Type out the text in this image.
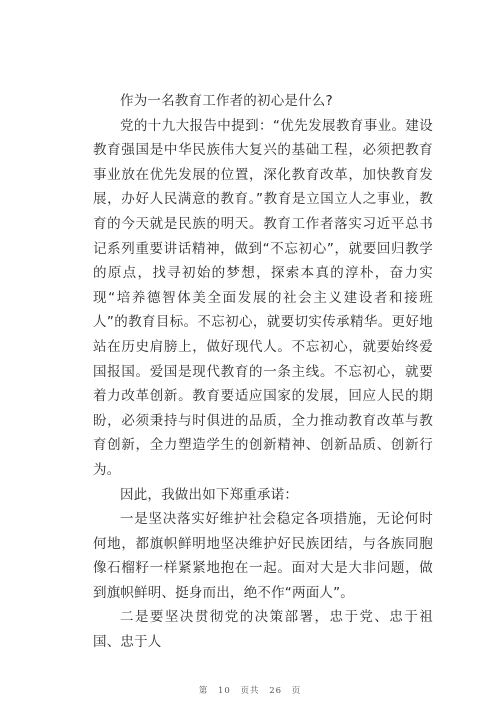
作为一名教育工作者的初心是什么?

党的十九大报告中提到：“优先发展教育事业。建设教育强国是中华民族伟大复兴的基础工程，必须把教育事业放在优先发展的位置，深化教育改革，加快教育发展，办好人民满意的教育。”教育是立国立人之事业，教育的今天就是民族的明天。教育工作者落实习近平总书记系列重要讲话精神，做到“不忘初心”，就要回归教学的原点，找寻初始的梦想，探索本真的淳朴，奋力实现“培养德智体美全面发展的社会主义建设者和接班人”的教育目标。不忘初心，就要切实传承精华。更好地站在历史肩膀上，做好现代人。不忘初心，就要始终爱国报国。爱国是现代教育的一条主线。不忘初心，就要着力改革创新。教育要适应国家的发展，回应人民的期盼，必须秉持与时俱进的品质，全力推动教育改革与教育创新，全力塑造学生的创新精神、创新品质、创新行为。

因此，我做出如下郑重承诺：

一是坚决落实好维护社会稳定各项措施，无论何时何地，都旗帜鲜明地坚决维护好民族团结，与各族同胞像石榴籽一样紧紧地抱在一起。面对大是大非问题，做到旗帜鲜明、挺身而出，绝不作“两面人”。

二是要坚决贯彻党的决策部署，忠于党、忠于祖国、忠于人

第 10 页共 26 页
